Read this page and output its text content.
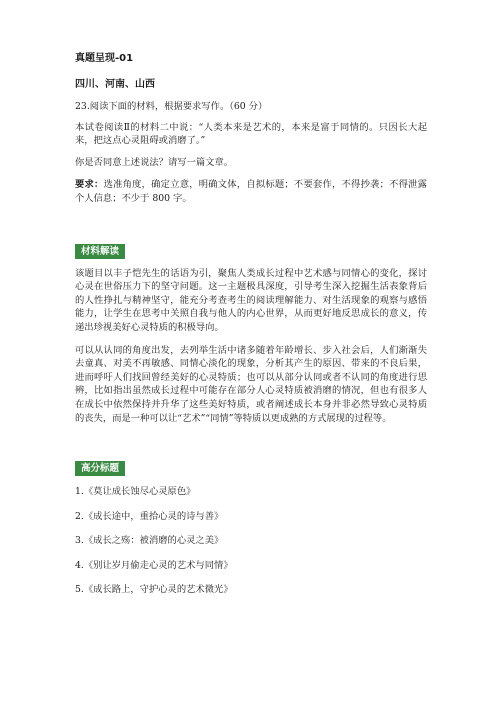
真题呈现-01

四川、河南、山西

23.阅读下面的材料，根据要求写作。（60 分）

本试卷阅读Ⅱ的材料二中说：“人类本来是艺术的，本来是富于同情的。只因长大起来，把这点心灵阻碍或消磨了。”

你是否同意上述说法？请写一篇文章。

要求：选准角度，确定立意，明确文体，自拟标题；不要套作，不得抄袭；不得泄露个人信息；不少于 800 字。

材料解读

该题目以丰子恺先生的话语为引，聚焦人类成长过程中艺术感与同情心的变化，探讨心灵在世俗压力下的坚守问题。这一主题极具深度，引导考生深入挖掘生活表象背后的人性挣扎与精神坚守，能充分考查考生的阅读理解能力、对生活现象的观察与感悟能力，让学生在思考中关照自我与他人的内心世界，从而更好地反思成长的意义，传递出珍视美好心灵特质的积极导向。

可以从认同的角度出发，去列举生活中诸多随着年龄增长、步入社会后，人们渐渐失去童真、对美不再敏感、同情心淡化的现象，分析其产生的原因、带来的不良后果，进而呼吁人们找回曾经美好的心灵特质；也可以从部分认同或者不认同的角度进行思辨，比如指出虽然成长过程中可能存在部分人心灵特质被消磨的情况，但也有很多人在成长中依然保持并升华了这些美好特质，或者阐述成长本身并非必然导致心灵特质的丧失，而是一种可以让“艺术”“同情”等特质以更成熟的方式展现的过程等。

高分标题
1.《莫让成长蚀尽心灵原色》
2.《成长途中，重拾心灵的诗与善》
3.《成长之殇：被消磨的心灵之美》
4.《别让岁月偷走心灵的艺术与同情》
5.《成长路上，守护心灵的艺术微光》
